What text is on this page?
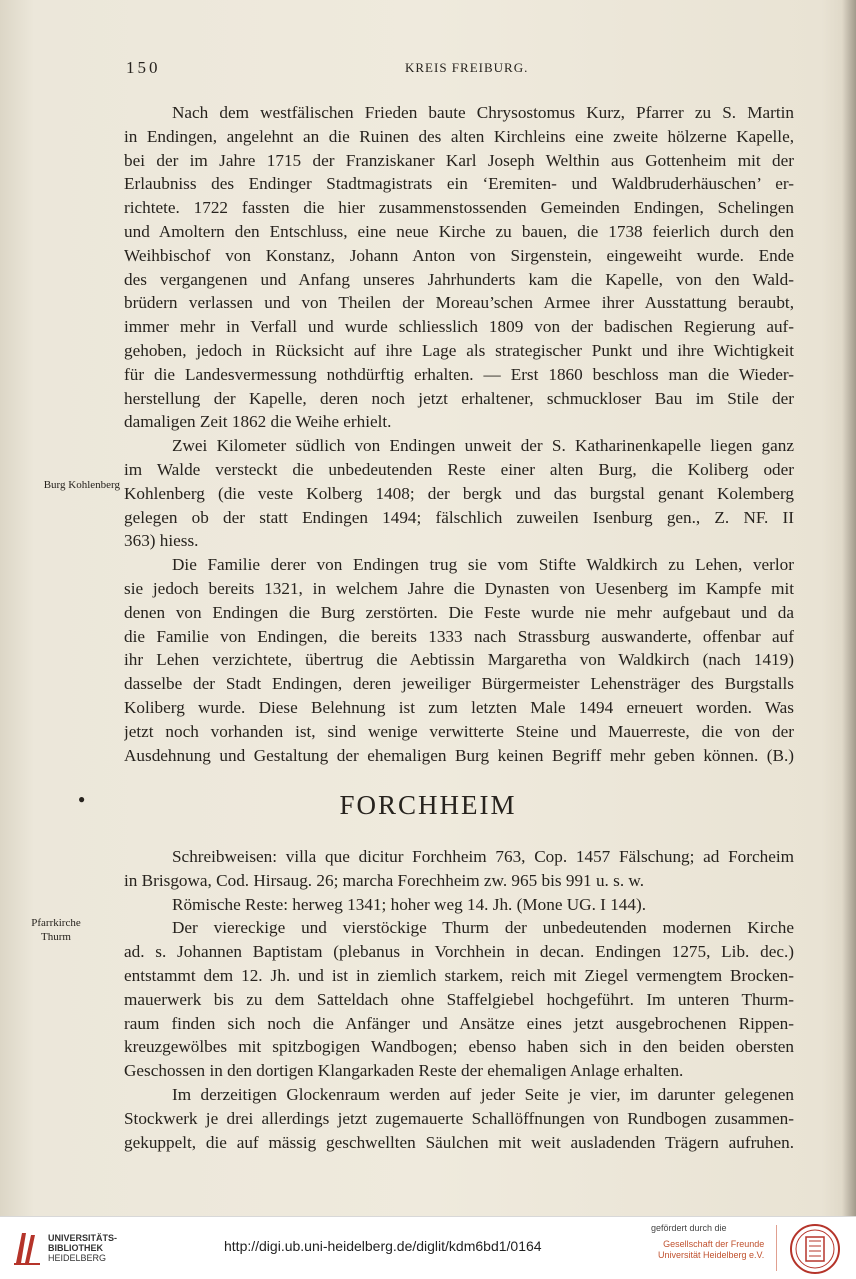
150	KREIS FREIBURG.
Nach dem westfälischen Frieden baute Chrysostomus Kurz, Pfarrer zu S. Martin
in Endingen, angelehnt an die Ruinen des alten Kirchleins eine zweite hölzerne Kapelle,
bei der im Jahre 1715 der Franziskaner Karl Joseph Welthin aus Gottenheim mit der
Erlaubniss des Endinger Stadtmagistrats ein ‘Eremiten- und Waldbruderhäuschen’ er-
richtete. 1722 fassten die hier zusammenstossenden Gemeinden Endingen, Schelingen
und Amoltern den Entschluss, eine neue Kirche zu bauen, die 1738 feierlich durch den
Weihbischof von Konstanz, Johann Anton von Sirgenstein, eingeweiht wurde. Ende
des vergangenen und Anfang unseres Jahrhunderts kam die Kapelle, von den Wald-
brüdern verlassen und von Theilen der Moreau’schen Armee ihrer Ausstattung beraubt,
immer mehr in Verfall und wurde schliesslich 1809 von der badischen Regierung auf-
gehoben, jedoch in Rücksicht auf ihre Lage als strategischer Punkt und ihre Wichtigkeit
für die Landesvermessung nothdürftig erhalten. — Erst 1860 beschloss man die Wieder-
herstellung der Kapelle, deren noch jetzt erhaltener, schmuckloser Bau im Stile der
damaligen Zeit 1862 die Weihe erhielt.
Zwei Kilometer südlich von Endingen unweit der S. Katharinenkapelle liegen ganz
im Walde versteckt die unbedeutenden Reste einer alten Burg, die Koliberg oder
Kohlenberg (die veste Kolberg 1408; der bergk und das burgstal genant Kolemberg
gelegen ob der statt Endingen 1494; fälschlich zuweilen Isenburg gen., Z. NF. II
363) hiess.
Die Familie derer von Endingen trug sie vom Stifte Waldkirch zu Lehen, verlor
sie jedoch bereits 1321, in welchem Jahre die Dynasten von Uesenberg im Kampfe mit
denen von Endingen die Burg zerstörten. Die Feste wurde nie mehr aufgebaut und da
die Familie von Endingen, die bereits 1333 nach Strassburg auswanderte, offenbar auf
ihr Lehen verzichtete, übertrug die Aebtissin Margaretha von Waldkirch (nach 1419)
dasselbe der Stadt Endingen, deren jeweiliger Bürgermeister Lehensträger des Burgstalls
Koliberg wurde. Diese Belehnung ist zum letzten Male 1494 erneuert worden. Was
jetzt noch vorhanden ist, sind wenige verwitterte Steine und Mauerreste, die von der
Ausdehnung und Gestaltung der ehemaligen Burg keinen Begriff mehr geben können. (B.)
Burg Kohlenberg
●	FORCHHEIM
Schreibweisen: villa que dicitur Forchheim 763, Cop. 1457 Fälschung; ad Forcheim
in Brisgowa, Cod. Hirsaug. 26; marcha Forechheim zw. 965 bis 991 u. s. w.
Römische Reste: herweg 1341; hoher weg 14. Jh. (Mone UG. I 144).
Der viereckige und vierstöckige Thurm der unbedeutenden modernen Kirche
ad. s. Johannen Baptistam (plebanus in Vorchhein in decan. Endingen 1275, Lib. dec.)
entstammt dem 12. Jh. und ist in ziemlich starkem, reich mit Ziegel vermengtem Brocken-
mauerwerk bis zu dem Satteldach ohne Staffelgiebel hochgeführt. Im unteren Thurm-
raum finden sich noch die Anfänger und Ansätze eines jetzt ausgebrochenen Rippen-
kreuzgewölbes mit spitzbogigen Wandbogen; ebenso haben sich in den beiden obersten
Geschossen in den dortigen Klangarkaden Reste der ehemaligen Anlage erhalten.
Im derzeitigen Glockenraum werden auf jeder Seite je vier, im darunter gelegenen
Stockwerk je drei allerdings jetzt zugemauerte Schallöffnungen von Rundbogen zusammen-
gekuppelt, die auf mässig geschwellten Säulchen mit weit ausladenden Trägern aufruhen.
Pfarrkirche
Thurm
UNIVERSITÄTS-
BIBLIOTHEK
HEIDELBERG
http://digi.ub.uni-heidelberg.de/diglit/kdm6bd1/0164
gefördert durch die
Gesellschaft der Freunde
Universität Heidelberg e.V.
